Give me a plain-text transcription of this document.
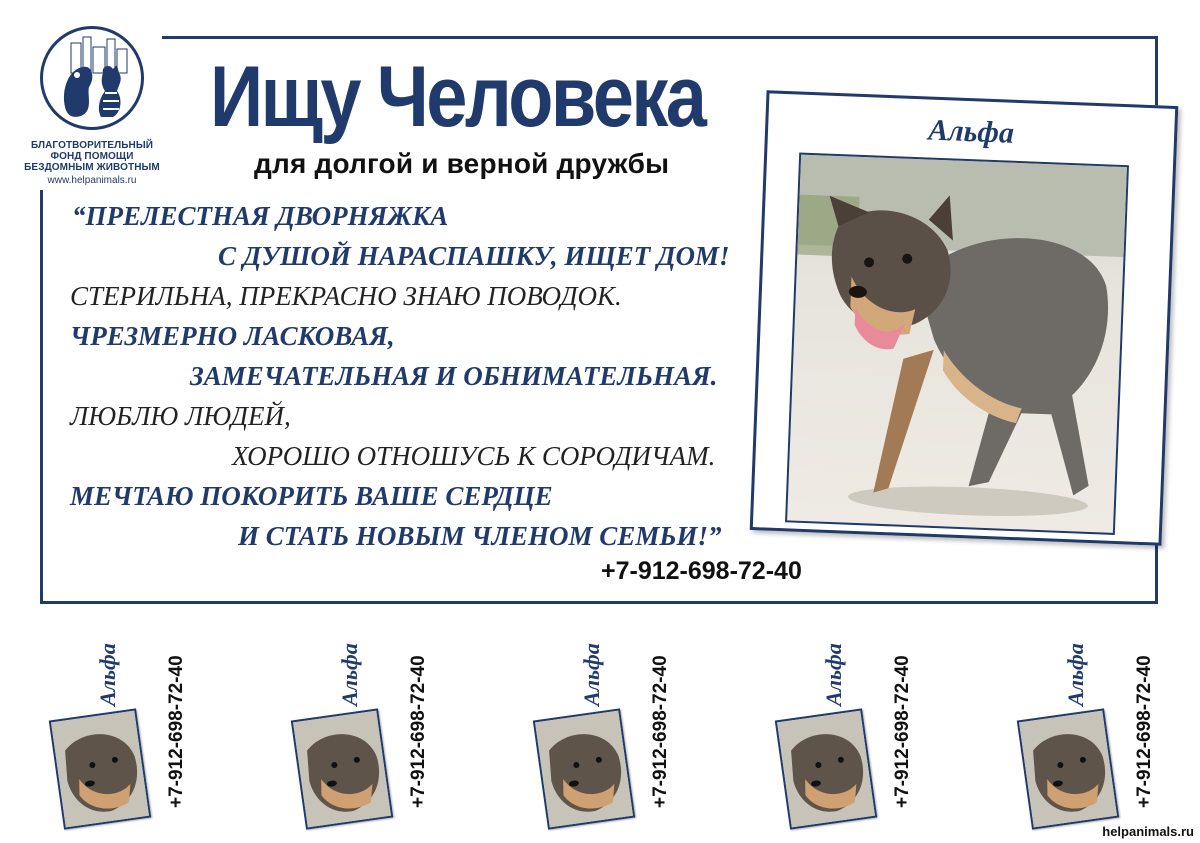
БЛАГОТВОРИТЕЛЬНЫЙ
ФОНД ПОМОЩИ
БЕЗДОМНЫМ ЖИВОТНЫМ
www.helpanimals.ru
Ищу Человека
для долгой и верной дружбы
“ПРЕЛЕСТНАЯ ДВОРНЯЖКА
С ДУШОЙ НАРАСПАШКУ, ИЩЕТ ДОМ!
СТЕРИЛЬНА, ПРЕКРАСНО ЗНАЮ ПОВОДОК.
ЧРЕЗМЕРНО ЛАСКОВАЯ,
ЗАМЕЧАТЕЛЬНАЯ И ОБНИМАТЕЛЬНАЯ.
ЛЮБЛЮ ЛЮДЕЙ,
ХОРОШО ОТНОШУСЬ К СОРОДИЧАМ.
МЕЧТАЮ ПОКОРИТЬ ВАШЕ СЕРДЦЕ
И СТАТЬ НОВЫМ ЧЛЕНОМ СЕМЬИ!”
+7-912-698-72-40
Альфа
Альфа +7-912-698-72-40	Альфа +7-912-698-72-40	Альфа +7-912-698-72-40	Альфа +7-912-698-72-40	Альфа +7-912-698-72-40
helpanimals.ru
